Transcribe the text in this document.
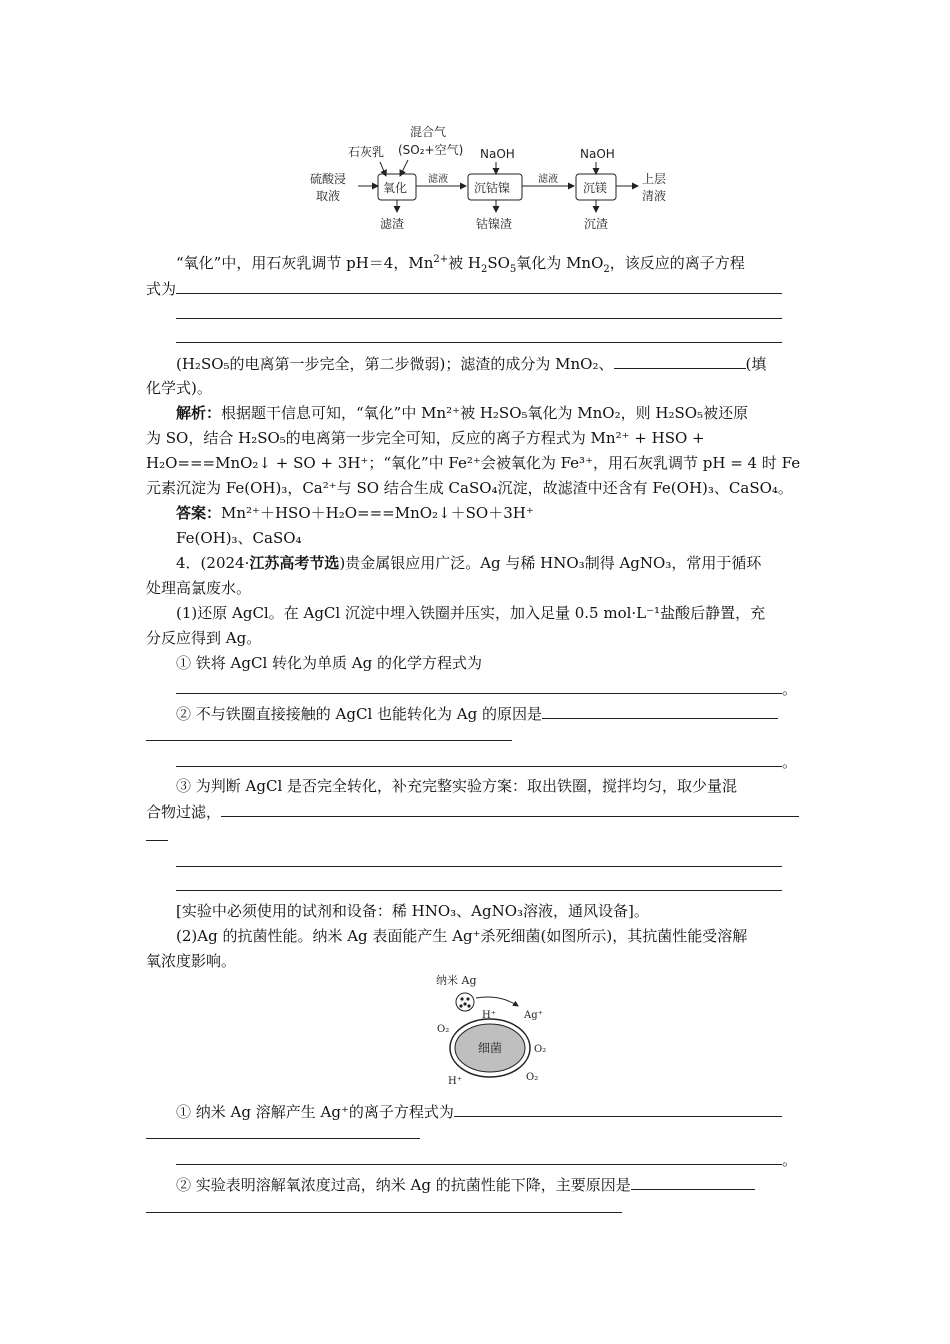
硫酸浸
取液
混合气
(SO₂+空气)
石灰乳
氧化
滤液
滤渣
NaOH
沉钴镍
滤液
钴镍渣
NaOH
沉镁
上层
清液
沉渣
“氧化”中，用石灰乳调节 pH＝4，$Mn^{2+}$被 $H_2SO_5$氧化为 MnO$_2$，该反应的离子方程
式为
(H₂SO₅的电离第一步完全，第二步微弱)；滤渣的成分为 MnO₂、	(填
化学式)。
解析：根据题干信息可知，“氧化”中 Mn²⁺被 H₂SO₅氧化为 MnO₂，则 H₂SO₅被还原
为 SO，结合 H₂SO₅的电离第一步完全可知，反应的离子方程式为 Mn²⁺ + HSO +
H₂O===MnO₂↓ + SO + 3H⁺；“氧化”中 Fe²⁺会被氧化为 Fe³⁺，用石灰乳调节 pH = 4 时 Fe
元素沉淀为 Fe(OH)₃，Ca²⁺与 SO 结合生成 CaSO₄沉淀，故滤渣中还含有 Fe(OH)₃、CaSO₄。
答案：Mn²⁺＋HSO＋H₂O===MnO₂↓＋SO＋3H⁺
Fe(OH)₃、CaSO₄
4．(2024·江苏高考节选)贵金属银应用广泛。Ag 与稀 HNO₃制得 AgNO₃，常用于循环
处理高氯废水。
(1)还原 AgCl。在 AgCl 沉淀中埋入铁圈并压实，加入足量 0.5 mol·L⁻¹盐酸后静置，充
分反应得到 Ag。
① 铁将 AgCl 转化为单质 Ag 的化学方程式为
。
② 不与铁圈直接接触的 AgCl 也能转化为 Ag 的原因是
。
③ 为判断 AgCl 是否完全转化，补充完整实验方案：取出铁圈，搅拌均匀，取少量混
合物过滤，
[实验中必须使用的试剂和设备：稀 HNO₃、AgNO₃溶液，通风设备]。
(2)Ag 的抗菌性能。纳米 Ag 表面能产生 Ag⁺杀死细菌(如图所示)，其抗菌性能受溶解
氧浓度影响。
纳米 Ag
H⁺	Ag⁺
O₂
细菌	O₂
H⁺	O₂
① 纳米 Ag 溶解产生 Ag⁺的离子方程式为
。
② 实验表明溶解氧浓度过高，纳米 Ag 的抗菌性能下降，主要原因是
